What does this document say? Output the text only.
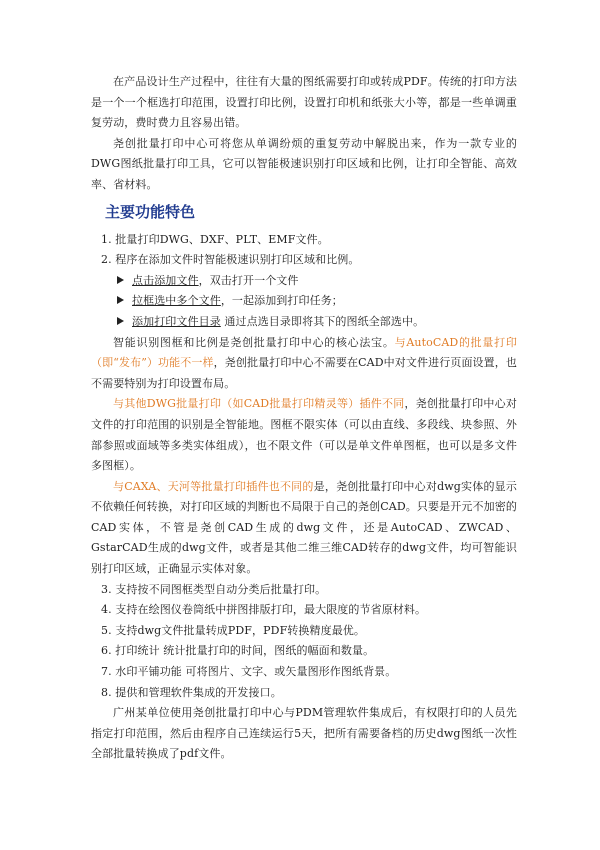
在产品设计生产过程中，往往有大量的图纸需要打印或转成PDF。传统的打印方法是一个一个框选打印范围，设置打印比例，设置打印机和纸张大小等，都是一些单调重复劳动，费时费力且容易出错。

尧创批量打印中心可将您从单调纷烦的重复劳动中解脱出来，作为一款专业的DWG图纸批量打印工具，它可以智能极速识别打印区域和比例，让打印全智能、高效率、省材料。

主要功能特色

1. 批量打印DWG、DXF、PLT、EMF文件。

2. 程序在添加文件时智能极速识别打印区域和比例。

点击添加文件，双击打开一个文件

拉框选中多个文件，一起添加到打印任务；

添加打印文件目录 通过点选目录即将其下的图纸全部选中。

智能识别图框和比例是尧创批量打印中心的核心法宝。与AutoCAD的批量打印（即“发布”）功能不一样，尧创批量打印中心不需要在CAD中对文件进行页面设置，也不需要特别为打印设置布局。

与其他DWG批量打印（如CAD批量打印精灵等）插件不同，尧创批量打印中心对文件的打印范围的识别是全智能地。图框不限实体（可以由直线、多段线、块参照、外部参照或面域等多类实体组成），也不限文件（可以是单文件单图框，也可以是多文件多图框）。

与CAXA、天河等批量打印插件也不同的是，尧创批量打印中心对dwg实体的显示不依赖任何转换，对打印区域的判断也不局限于自己的尧创CAD。只要是开元不加密的CAD实体，不管是尧创CAD生成的dwg文件，还是AutoCAD、ZWCAD、GstarCAD生成的dwg文件，或者是其他二维三维CAD转存的dwg文件，均可智能识别打印区域，正确显示实体对象。

3. 支持按不同图框类型自动分类后批量打印。

4. 支持在绘图仪卷筒纸中拼图排版打印，最大限度的节省原材料。

5. 支持dwg文件批量转成PDF，PDF转换精度最优。

6. 打印统计 统计批量打印的时间，图纸的幅面和数量。

7. 水印平铺功能 可将图片、文字、或矢量图形作图纸背景。

8. 提供和管理软件集成的开发接口。

广州某单位使用尧创批量打印中心与PDM管理软件集成后，有权限打印的人员先指定打印范围，然后由程序自己连续运行5天，把所有需要备档的历史dwg图纸一次性全部批量转换成了pdf文件。
